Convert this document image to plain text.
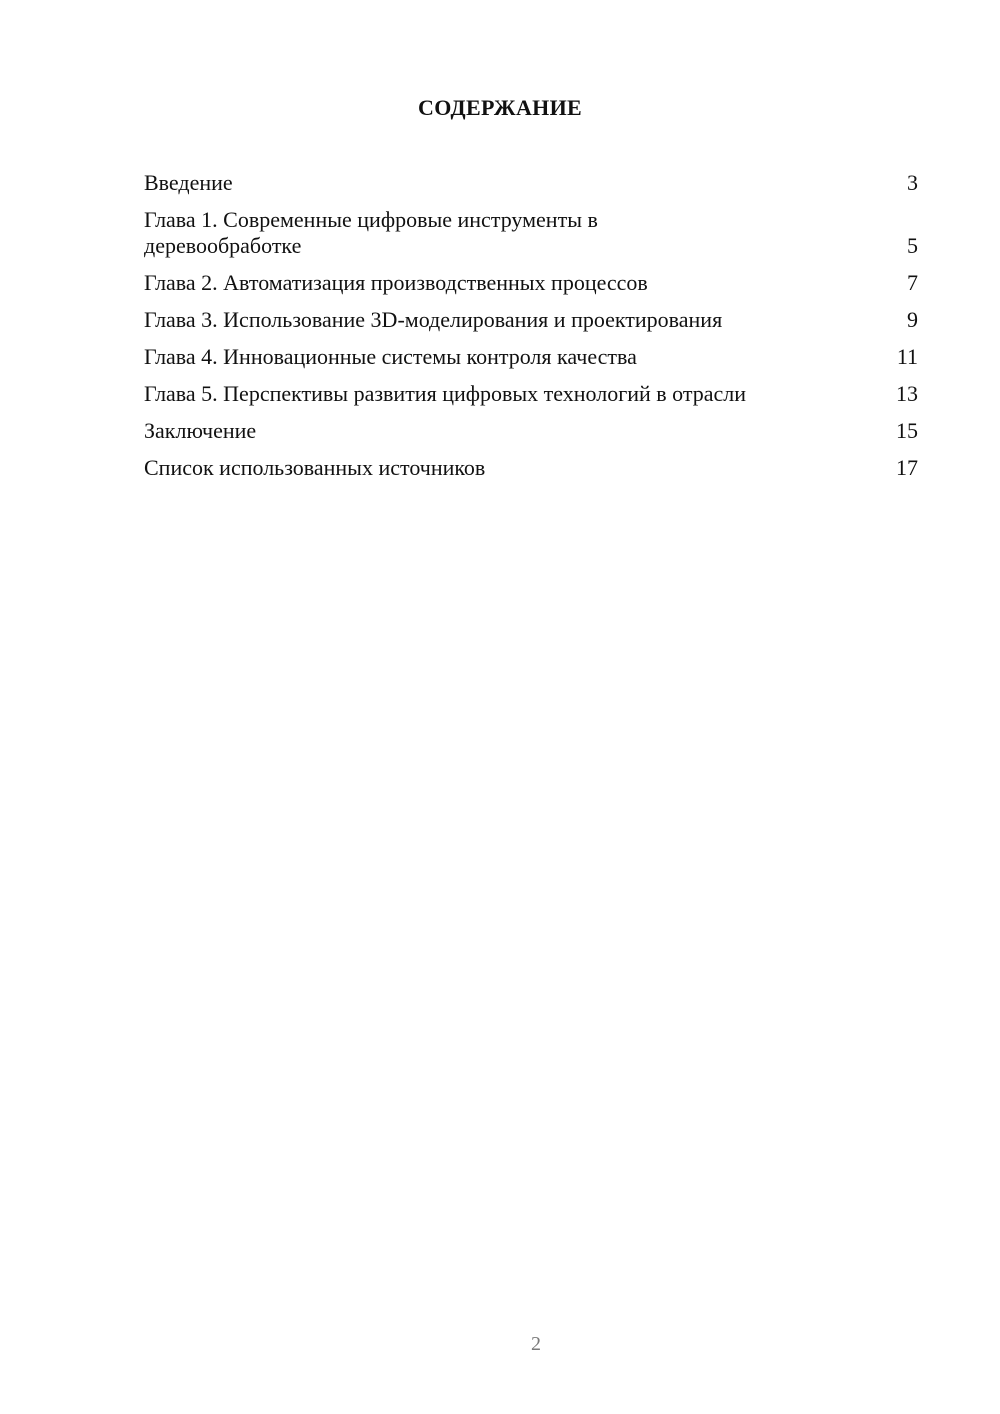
СОДЕРЖАНИЕ
Введение	3
Глава 1. Современные цифровые инструменты в деревообработке	5
Глава 2. Автоматизация производственных процессов	7
Глава 3. Использование 3D-моделирования и проектирования	9
Глава 4. Инновационные системы контроля качества	11
Глава 5. Перспективы развития цифровых технологий в отрасли	13
Заключение	15
Список использованных источников	17
2
